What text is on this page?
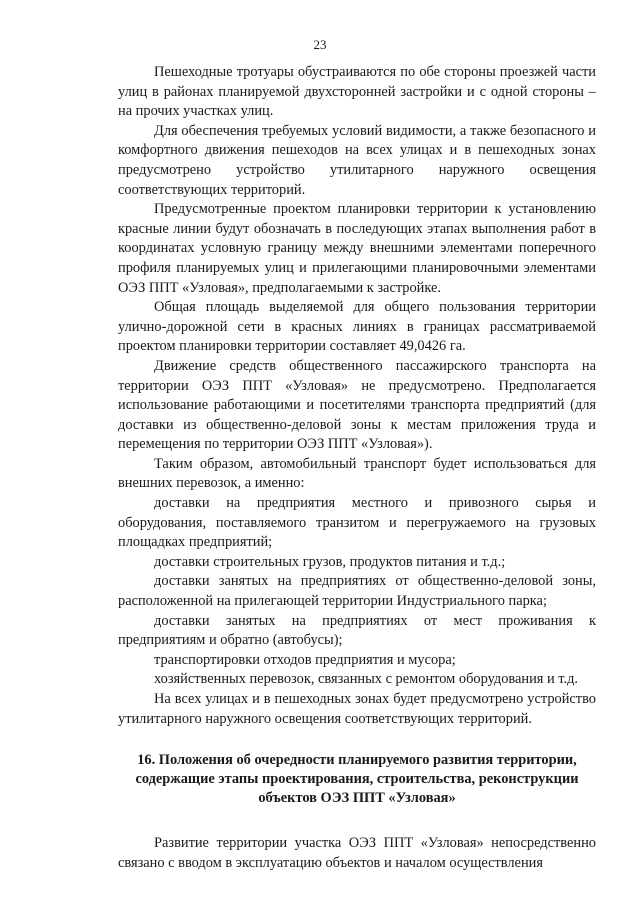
23

Пешеходные тротуары обустраиваются по обе стороны проезжей части улиц в районах планируемой двухсторонней застройки и с одной стороны – на прочих участках улиц.

Для обеспечения требуемых условий видимости, а также безопасного и комфортного движения пешеходов на всех улицах и в пешеходных зонах предусмотрено устройство утилитарного наружного освещения соответствующих территорий.

Предусмотренные проектом планировки территории к установлению красные линии будут обозначать в последующих этапах выполнения работ в координатах условную границу между внешними элементами поперечного профиля планируемых улиц и прилегающими планировочными элементами ОЭЗ ППТ «Узловая», предполагаемыми к застройке.

Общая площадь выделяемой для общего пользования территории улично-дорожной сети в красных линиях в границах рассматриваемой проектом планировки территории составляет 49,0426 га.

Движение средств общественного пассажирского транспорта на территории ОЭЗ ППТ «Узловая» не предусмотрено. Предполагается использование работающими и посетителями транспорта предприятий (для доставки из общественно-деловой зоны к местам приложения труда и перемещения по территории ОЭЗ ППТ «Узловая»).

Таким образом, автомобильный транспорт будет использоваться для внешних перевозок, а именно:

доставки на предприятия местного и привозного сырья и оборудования, поставляемого транзитом и перегружаемого на грузовых площадках предприятий;

доставки строительных грузов, продуктов питания и т.д.;

доставки занятых на предприятиях от общественно-деловой зоны, расположенной на прилегающей территории Индустриального парка;

доставки занятых на предприятиях от мест проживания к предприятиям и обратно (автобусы);

транспортировки отходов предприятия и мусора;

хозяйственных перевозок, связанных с ремонтом оборудования и т.д.

На всех улицах и в пешеходных зонах будет предусмотрено устройство утилитарного наружного освещения соответствующих территорий.

16. Положения об очередности планируемого развития территории, содержащие этапы проектирования, строительства, реконструкции объектов ОЭЗ ППТ «Узловая»

Развитие территории участка ОЭЗ ППТ «Узловая» непосредственно связано с вводом в эксплуатацию объектов и началом осуществления
